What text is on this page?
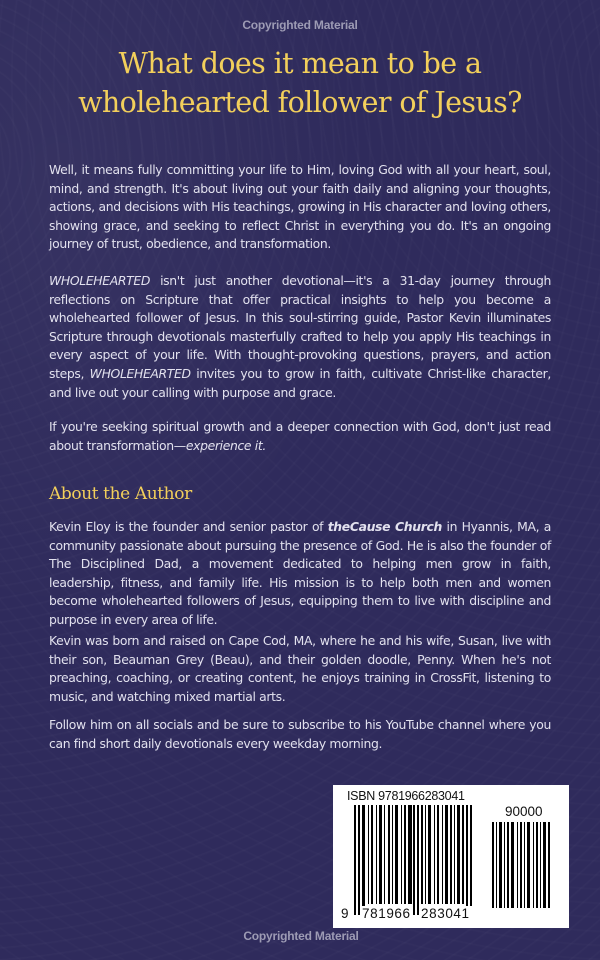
Copyrighted Material
What does it mean to be a
wholehearted follower of Jesus?

Well, it means fully committing your life to Him, loving God with all your heart, soul, mind, and strength. It's about living out your faith daily and aligning your thoughts, actions, and decisions with His teachings, growing in His character and loving others, showing grace, and seeking to reflect Christ in everything you do. It's an ongoing journey of trust, obedience, and transformation.

WHOLEHEARTED isn't just another devotional—it's a 31-day journey through reflections on Scripture that offer practical insights to help you become a wholehearted follower of Jesus. In this soul-stirring guide, Pastor Kevin illuminates Scripture through devotionals masterfully crafted to help you apply His teachings in every aspect of your life. With thought-provoking questions, prayers, and action steps, WHOLEHEARTED invites you to grow in faith, cultivate Christ-like character, and live out your calling with purpose and grace.

If you're seeking spiritual growth and a deeper connection with God, don't just read about transformation—experience it.

About the Author

Kevin Eloy is the founder and senior pastor of theCause Church in Hyannis, MA, a community passionate about pursuing the presence of God. He is also the founder of The Disciplined Dad, a movement dedicated to helping men grow in faith, leadership, fitness, and family life. His mission is to help both men and women become wholehearted followers of Jesus, equipping them to live with discipline and purpose in every area of life.

Kevin was born and raised on Cape Cod, MA, where he and his wife, Susan, live with their son, Beauman Grey (Beau), and their golden doodle, Penny. When he's not preaching, coaching, or creating content, he enjoys training in CrossFit, listening to music, and watching mixed martial arts.

Follow him on all socials and be sure to subscribe to his YouTube channel where you can find short daily devotionals every weekday morning.

ISBN 9781966283041
9 781966 283041
90000
Copyrighted Material
